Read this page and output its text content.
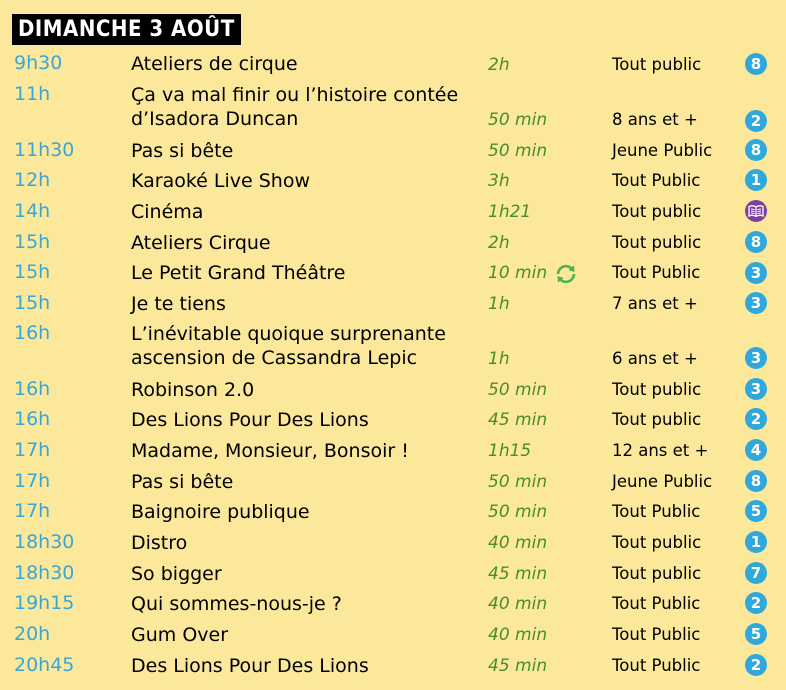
DIMANCHE 3 AOÛT
9h30	Ateliers de cirque	2h	Tout public	8
11h	Ça va mal finir ou l’histoire contée d’Isadora Duncan	50 min	8 ans et +	2
11h30	Pas si bête	50 min	Jeune Public	8
12h	Karaoké Live Show	3h	Tout Public	1
14h	Cinéma	1h21	Tout public
15h	Ateliers Cirque	2h	Tout public	8
15h	Le Petit Grand Théâtre	10 min	Tout Public	3
15h	Je te tiens	1h	7 ans et +	3
16h	L’inévitable quoique surprenante ascension de Cassandra Lepic	1h	6 ans et +	3
16h	Robinson 2.0	50 min	Tout public	3
16h	Des Lions Pour Des Lions	45 min	Tout public	2
17h	Madame, Monsieur, Bonsoir !	1h15	12 ans et +	4
17h	Pas si bête	50 min	Jeune Public	8
17h	Baignoire publique	50 min	Tout Public	5
18h30	Distro	40 min	Tout public	1
18h30	So bigger	45 min	Tout public	7
19h15	Qui sommes-nous-je ?	40 min	Tout Public	2
20h	Gum Over	40 min	Tout Public	5
20h45	Des Lions Pour Des Lions	45 min	Tout Public	2
